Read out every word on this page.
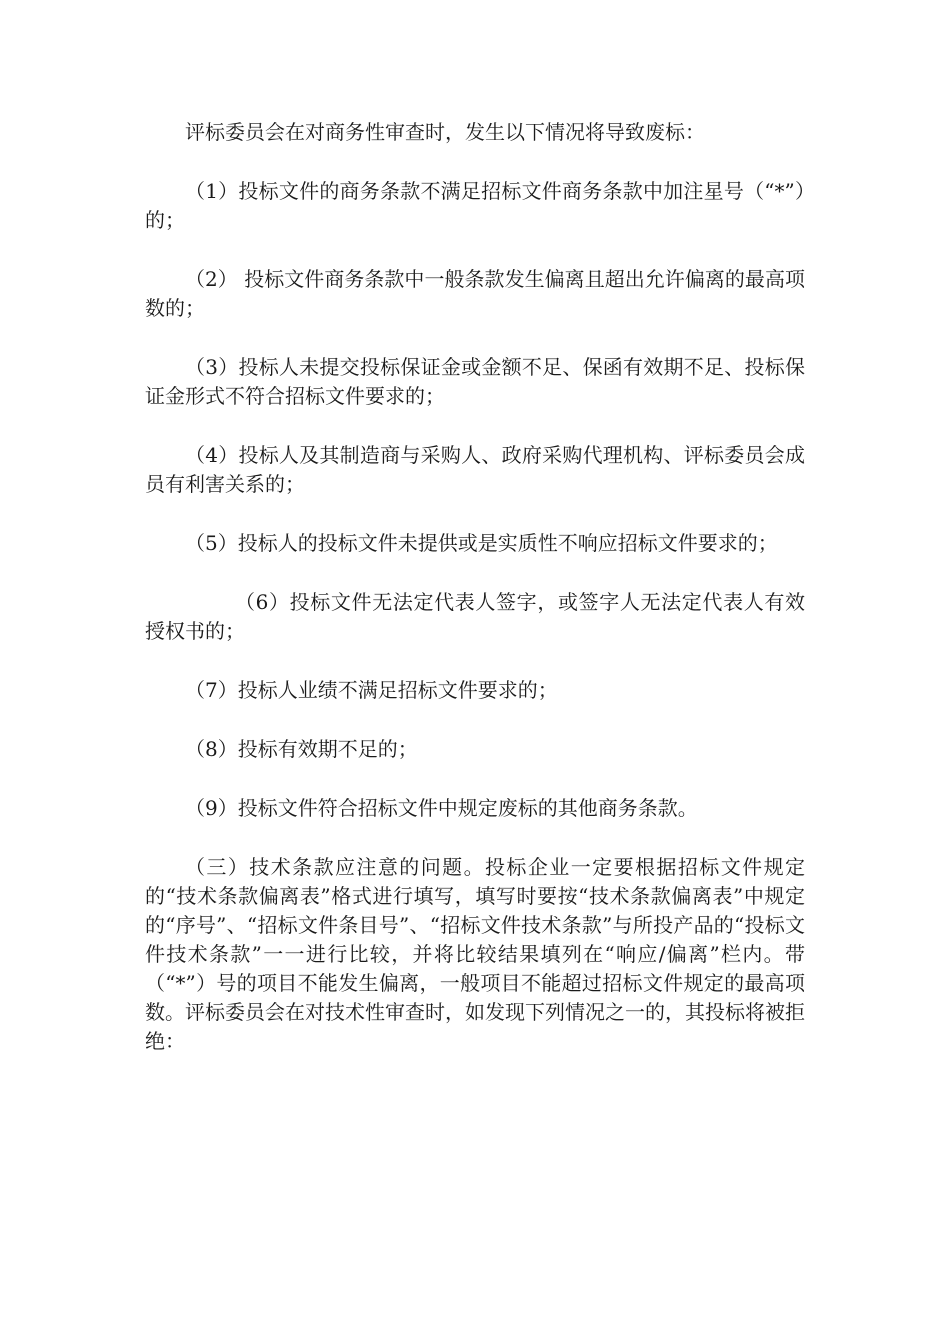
评标委员会在对商务性审查时，发生以下情况将导致废标：

（1）投标文件的商务条款不满足招标文件商务条款中加注星号（“*”）的；

（2） 投标文件商务条款中一般条款发生偏离且超出允许偏离的最高项数的；

（3）投标人未提交投标保证金或金额不足、保函有效期不足、投标保证金形式不符合招标文件要求的；

（4）投标人及其制造商与采购人、政府采购代理机构、评标委员会成员有利害关系的；

（5）投标人的投标文件未提供或是实质性不响应招标文件要求的；

（6）投标文件无法定代表人签字，或签字人无法定代表人有效授权书的；

（7）投标人业绩不满足招标文件要求的；

（8）投标有效期不足的；

（9）投标文件符合招标文件中规定废标的其他商务条款。

（三）技术条款应注意的问题。投标企业一定要根据招标文件规定的“技术条款偏离表”格式进行填写，填写时要按“技术条款偏离表”中规定的“序号”、“招标文件条目号”、“招标文件技术条款”与所投产品的“投标文件技术条款”一一进行比较，并将比较结果填列在“响应/偏离”栏内。带（“*”）号的项目不能发生偏离，一般项目不能超过招标文件规定的最高项数。评标委员会在对技术性审查时，如发现下列情况之一的，其投标将被拒绝：
